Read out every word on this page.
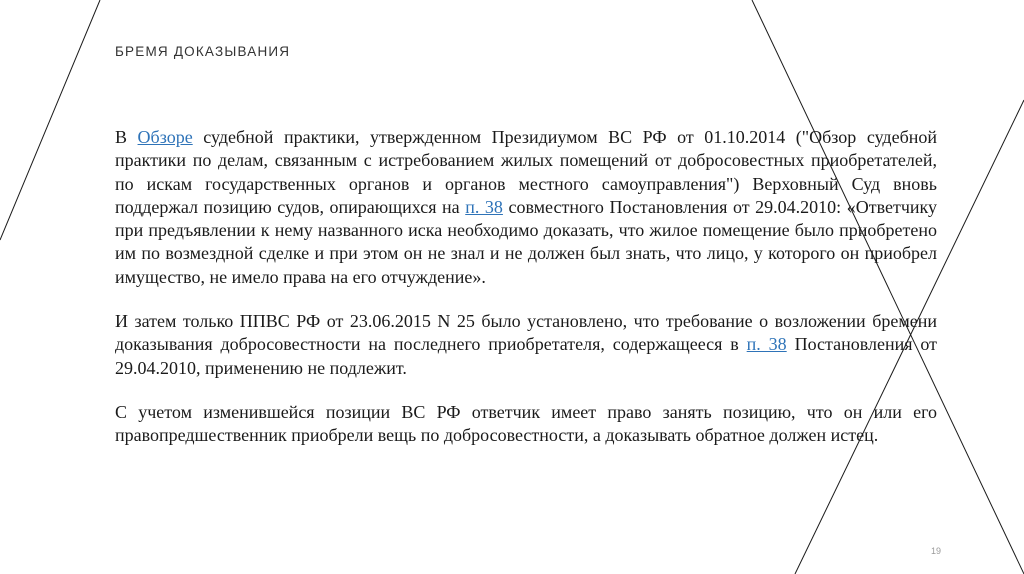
БРЕМЯ ДОКАЗЫВАНИЯ

В Обзоре судебной практики, утвержденном Президиумом ВС РФ от 01.10.2014 ("Обзор судебной практики по делам, связанным с истребованием жилых помещений от добросовестных приобретателей, по искам государственных органов и органов местного самоуправления") Верховный Суд вновь поддержал позицию судов, опирающихся на п. 38 совместного Постановления от 29.04.2010: «Ответчику при предъявлении к нему названного иска необходимо доказать, что жилое помещение было приобретено им по возмездной сделке и при этом он не знал и не должен был знать, что лицо, у которого он приобрел имущество, не имело права на его отчуждение».

И затем только ППВС РФ от 23.06.2015 N 25 было установлено, что требование о возложении бремени доказывания добросовестности на последнего приобретателя, содержащееся в п. 38 Постановления от 29.04.2010, применению не подлежит.

С учетом изменившейся позиции ВС РФ ответчик имеет право занять позицию, что он или его правопредшественник приобрели вещь по добросовестности, а доказывать обратное должен истец.

19
